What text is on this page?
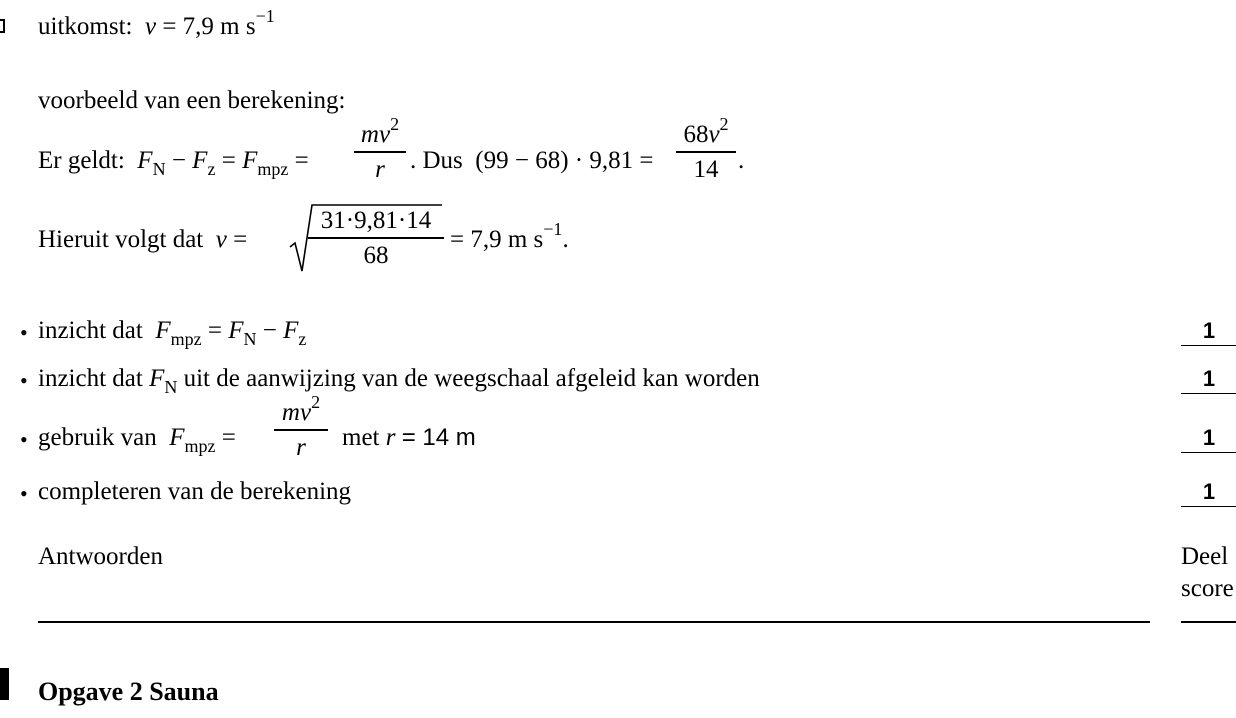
uitkomst: v = 7,9 m $s^{-1}$
voorbeeld van een berekening:
Er geldt: $F_N - F_z = F_{mpz}$ =
$mv^2$
r	. Dus (99 − 68) · 9,81 =
$68v^2$
14 .
Hieruit volgt dat v =
31·9,81·14
68
= 7,9 m $s^{-1}$.
• inzicht dat $F_{mpz} = F_N - F_z$	1
• inzicht dat $F_N$ uit de aanwijzing van de weegschaal afgeleid kan worden	1
• gebruik van $F_{mpz}$ =
$mv^2$
r	met r = 14 m	1
• completeren van de berekening	1
Antwoorden	Deel
score
Opgave 2 Sauna
